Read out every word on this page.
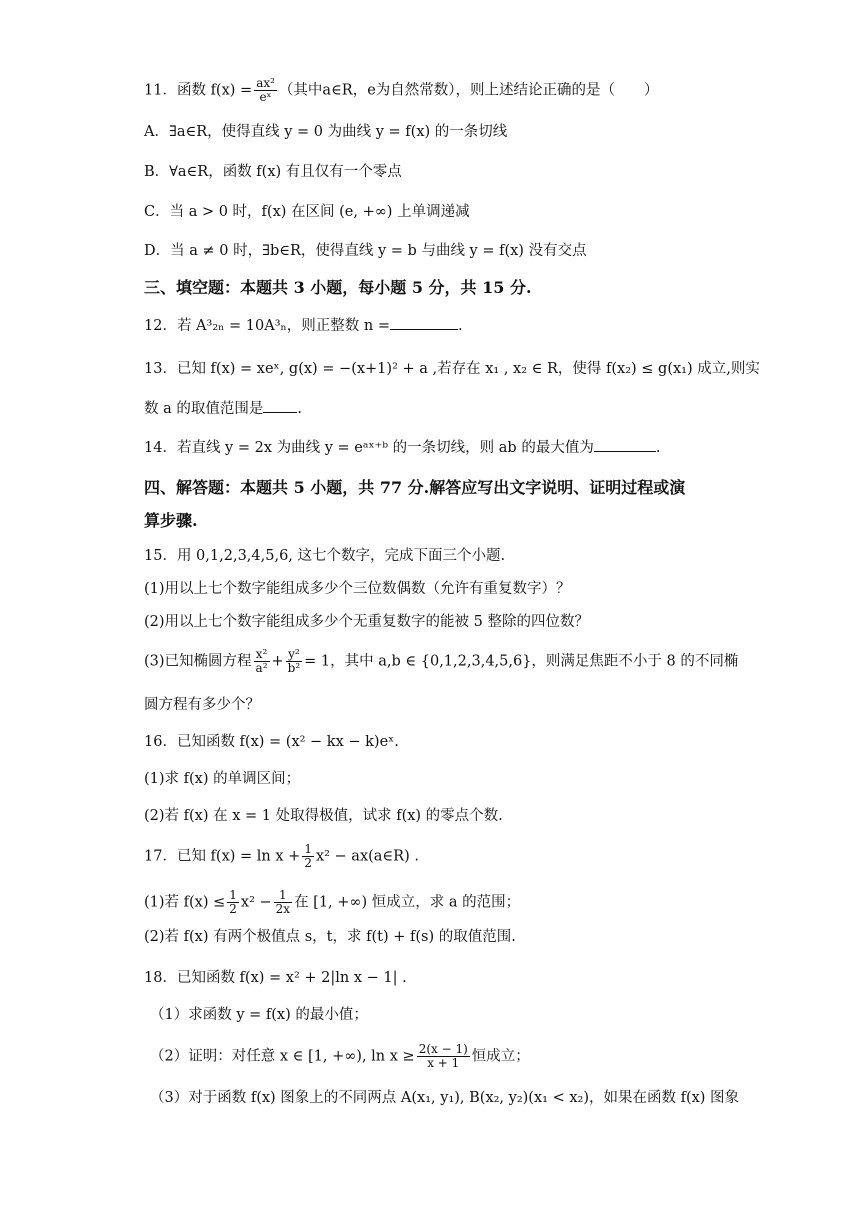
11．函数 $f(x) = \frac{\text{ax²}}{\text{eˣ}}$ （其中a∈R，e为自然常数），则上述结论正确的是（　　）
A．∃a∈R，使得直线 y = 0 为曲线 y = f(x) 的一条切线
B．∀a∈R，函数 f(x) 有且仅有一个零点
C．当 a > 0 时，f(x) 在区间 (e, +∞) 上单调递减
D．当 a ≠ 0 时，∃b∈R，使得直线 y = b 与曲线 y = f(x) 没有交点
三、填空题：本题共 3 小题，每小题 5 分，共 15 分.
12．若 A³₂ₙ = 10A³ₙ，则正整数 n =	.
13．已知 f(x) = xeˣ, g(x) = −(x+1)² + a ,若存在 x₁ , x₂ ∈ R，使得 f(x₂) ≤ g(x₁) 成立,则实
数 a 的取值范围是 .
14．若直线 y = 2x 为曲线 y = eᵃˣ⁺ᵇ 的一条切线，则 ab 的最大值为	.
四、解答题：本题共 5 小题，共 77 分.解答应写出文字说明、证明过程或演
算步骤.
15．用 0,1,2,3,4,5,6, 这七个数字，完成下面三个小题.
(1)用以上七个数字能组成多少个三位数偶数（允许有重复数字）？
(2)用以上七个数字能组成多少个无重复数字的能被 5 整除的四位数？
(3)已知椭圆方程 $\frac{\text{x²}}{\text{a²}} + \frac{\text{y²}}{\text{b²}} = 1$，其中 a,b ∈ {0,1,2,3,4,5,6}，则满足焦距不小于 8 的不同椭
圆方程有多少个？
16．已知函数 f(x) = (x² − kx − k)eˣ.
(1)求 f(x) 的单调区间；
(2)若 f(x) 在 x = 1 处取得极值，试求 f(x) 的零点个数.
17．已知 $f(x) = \ln x + \frac{1}{2} x^2$ − ax(a∈R) .
(1)若 $f(x) \le \frac{1}{2} x^2 - \frac{1}{2x}$ 在 [1, +∞) 恒成立，求 a 的范围；
(2)若 f(x) 有两个极值点 s，t，求 f(t) + f(s) 的取值范围.
18．已知函数 f(x) = x² + 2|ln x − 1| .
（1）求函数 y = f(x) 的最小值；
（2）证明：对任意 x ∈ [1, +∞), $\ln x \ge \frac{2(x - 1)}{x + 1}$ 恒成立；
（3）对于函数 f(x) 图象上的不同两点 A(x₁, y₁), B(x₂, y₂)(x₁ < x₂)，如果在函数 f(x) 图象
